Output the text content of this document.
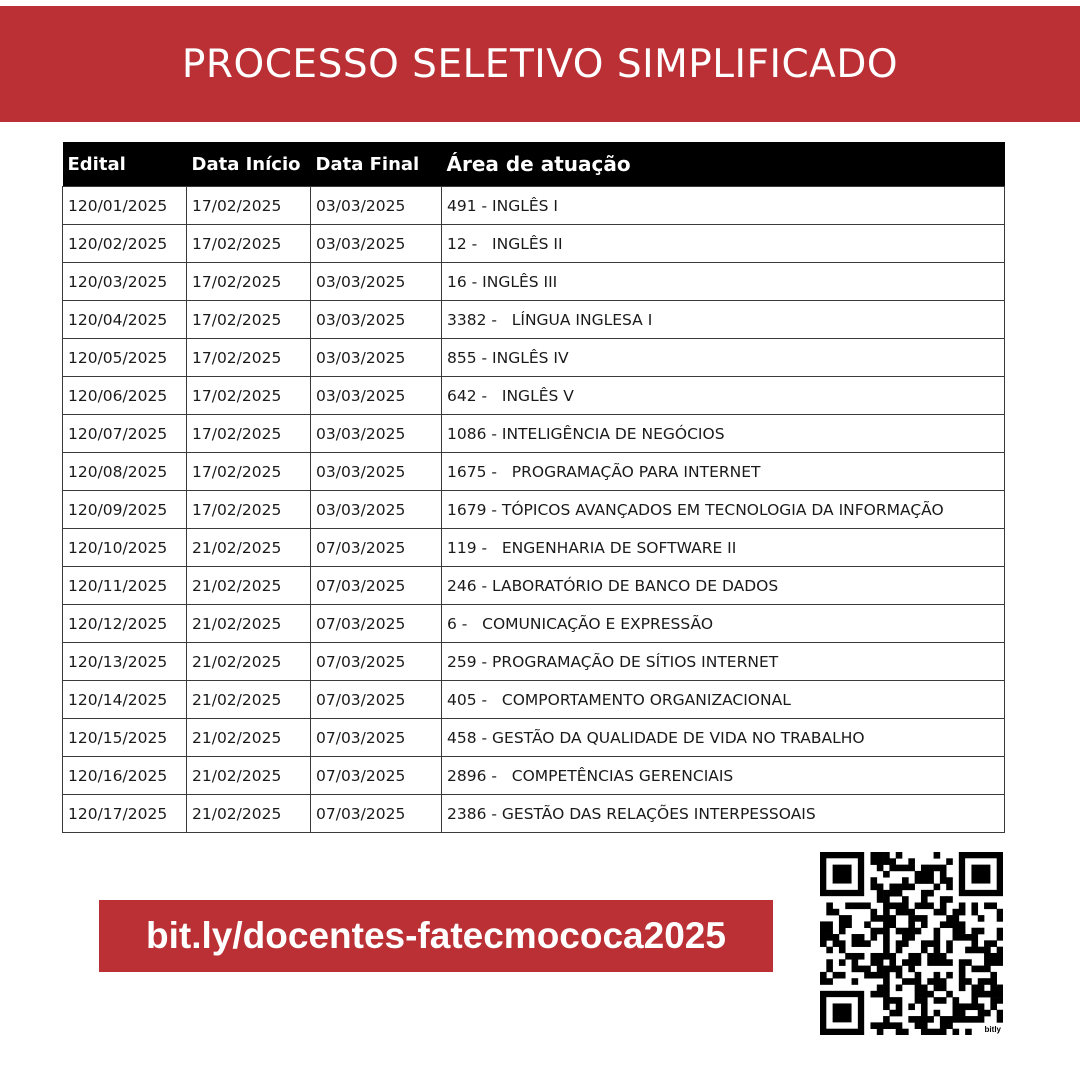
PROCESSO SELETIVO SIMPLIFICADO
Edital	Data Início	Data Final	Área de atuação
120/01/2025	17/02/2025	03/03/2025	491 - INGLÊS I
120/02/2025	17/02/2025	03/03/2025	12 -   INGLÊS II
120/03/2025	17/02/2025	03/03/2025	16 - INGLÊS III
120/04/2025	17/02/2025	03/03/2025	3382 -   LÍNGUA INGLESA I
120/05/2025	17/02/2025	03/03/2025	855 - INGLÊS IV
120/06/2025	17/02/2025	03/03/2025	642 -   INGLÊS V
120/07/2025	17/02/2025	03/03/2025	1086 - INTELIGÊNCIA DE NEGÓCIOS
120/08/2025	17/02/2025	03/03/2025	1675 -   PROGRAMAÇÃO PARA INTERNET
120/09/2025	17/02/2025	03/03/2025	1679 - TÓPICOS AVANÇADOS EM TECNOLOGIA DA INFORMAÇÃO
120/10/2025	21/02/2025	07/03/2025	119 -   ENGENHARIA DE SOFTWARE II
120/11/2025	21/02/2025	07/03/2025	246 - LABORATÓRIO DE BANCO DE DADOS
120/12/2025	21/02/2025	07/03/2025	6 -   COMUNICAÇÃO E EXPRESSÃO
120/13/2025	21/02/2025	07/03/2025	259 - PROGRAMAÇÃO DE SÍTIOS INTERNET
120/14/2025	21/02/2025	07/03/2025	405 -   COMPORTAMENTO ORGANIZACIONAL
120/15/2025	21/02/2025	07/03/2025	458 - GESTÃO DA QUALIDADE DE VIDA NO TRABALHO
120/16/2025	21/02/2025	07/03/2025	2896 -   COMPETÊNCIAS GERENCIAIS
120/17/2025	21/02/2025	07/03/2025	2386 - GESTÃO DAS RELAÇÕES INTERPESSOAIS
bit.ly/docentes-fatecmococa2025
bitly
